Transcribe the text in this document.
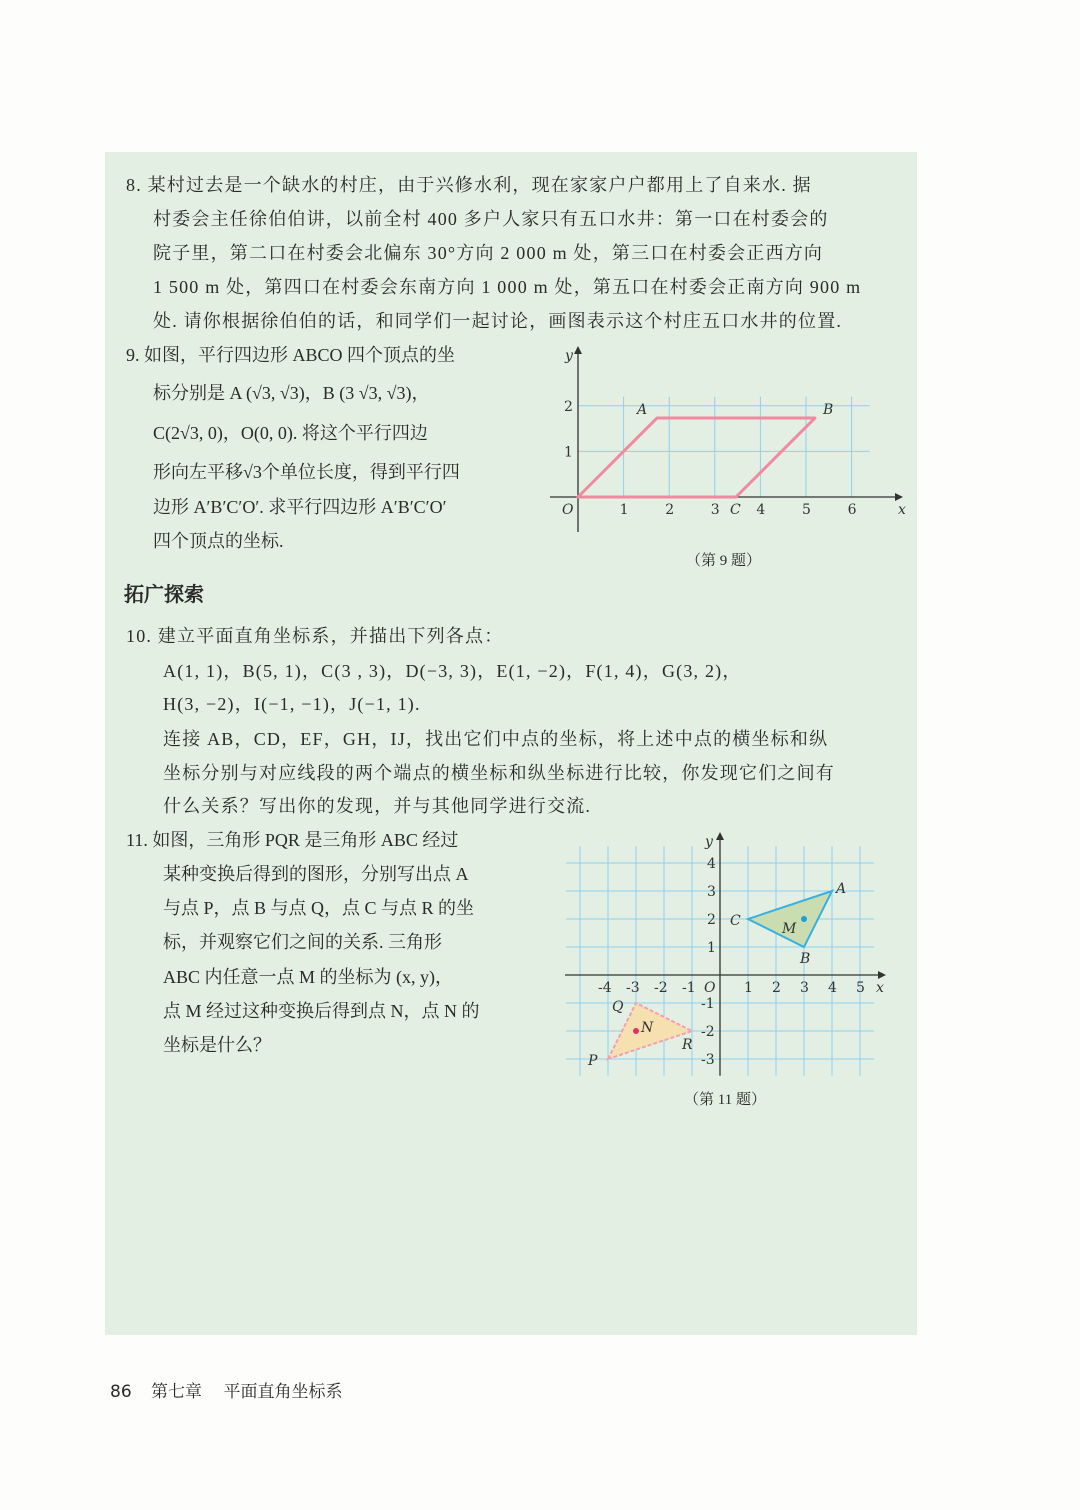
8. 某村过去是一个缺水的村庄，由于兴修水利，现在家家户户都用上了自来水. 据
村委会主任徐伯伯讲，以前全村 400 多户人家只有五口水井：第一口在村委会的
院子里，第二口在村委会北偏东 30°方向 2 000 m 处，第三口在村委会正西方向
1 500 m 处，第四口在村委会东南方向 1 000 m 处，第五口在村委会正南方向 900 m
处. 请你根据徐伯伯的话，和同学们一起讨论，画图表示这个村庄五口水井的位置.
9. 如图，平行四边形 ABCO 四个顶点的坐
标分别是 A (√3, √3)，B (3 √3, √3)，
C(2√3, 0)，O(0, 0). 将这个平行四边
形向左平移√3个单位长度，得到平行四
边形 A′B′C′O′. 求平行四边形 A′B′C′O′
四个顶点的坐标.
拓广探索
10. 建立平面直角坐标系，并描出下列各点：
A(1, 1)，B(5, 1)，C(3 , 3)，D(−3, 3)，E(1, −2)，F(1, 4)，G(3, 2)，
H(3, −2)，I(−1, −1)，J(−1, 1).
连接 AB，CD，EF，GH，IJ，找出它们中点的坐标，将上述中点的横坐标和纵
坐标分别与对应线段的两个端点的横坐标和纵坐标进行比较，你发现它们之间有
什么关系？写出你的发现，并与其他同学进行交流.
11. 如图，三角形 PQR 是三角形 ABC 经过
某种变换后得到的图形，分别写出点 A
与点 P，点 B 与点 Q，点 C 与点 R 的坐
标，并观察它们之间的关系. 三角形
ABC 内任意一点 M 的坐标为 (x, y)，
点 M 经过这种变换后得到点 N，点 N 的
坐标是什么？
x
y
O	1	2	3	4	5	6
1
2	A	B
C
（第 9 题）
x
y
O
-4 -3 -2 -1	1 2 3 4 5
-3
-2
-1
1
2
3
4
M
N
A
B
C
P
Q
R
（第 11 题）
86 第七章 平面直角坐标系
